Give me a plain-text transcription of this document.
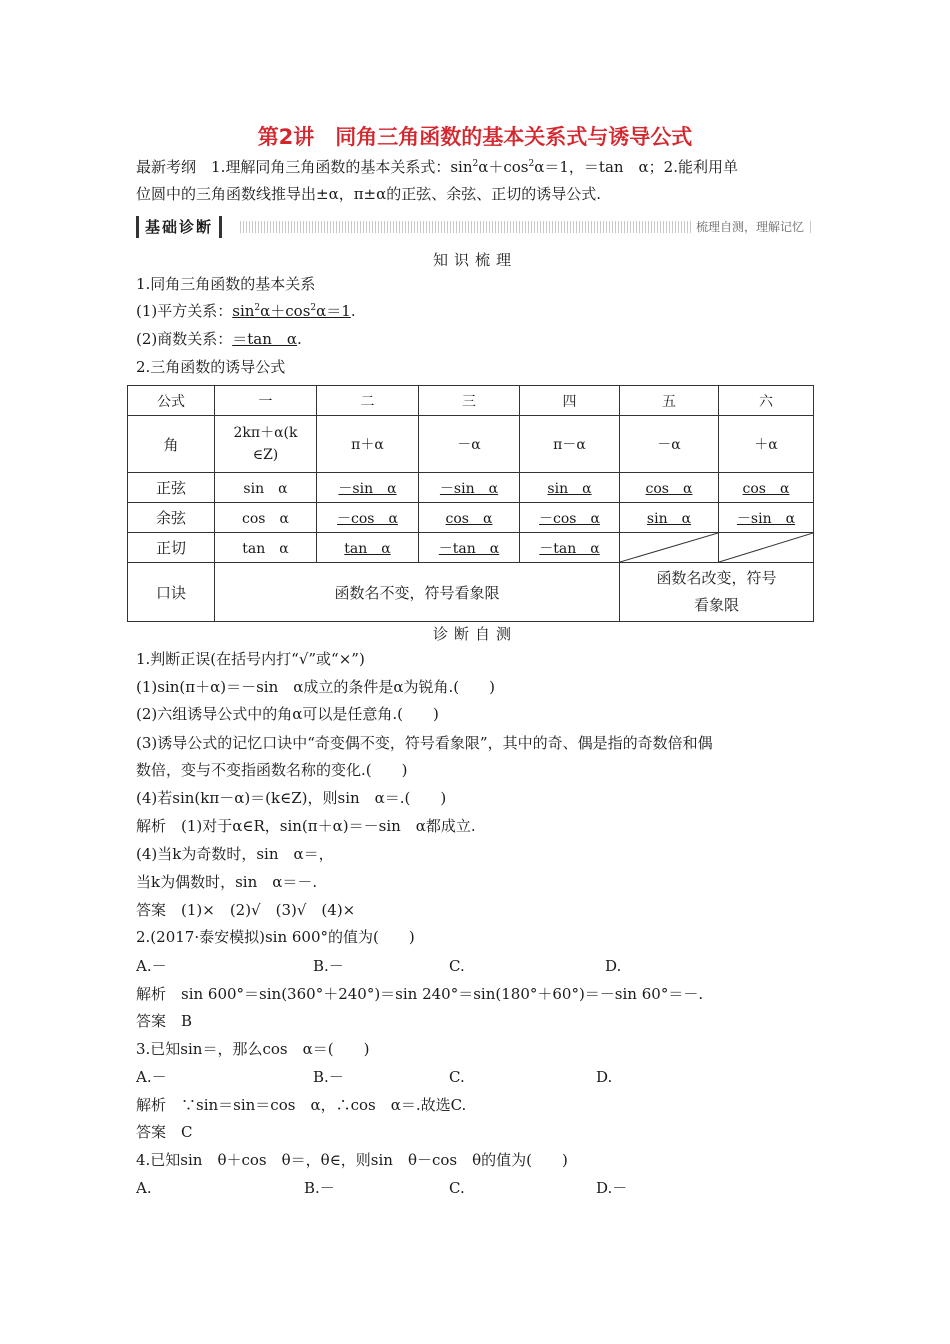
第2讲　同角三角函数的基本关系式与诱导公式
最新考纲　 1.理解同角三角函数的基本关系式：$\sin^2\alpha+\cos^2\alpha=1$，＝tan　α；2.能利用单
位圆中的三角函数线推导出±α，π±α的正弦、余弦、正切的诱导公式.
基础诊断	梳理自测，理解记忆
知识梳理
1.同角三角函数的基本关系
(1)平方关系：$\sin^2\alpha+\cos^2\alpha=1$.
(2)商数关系：＝tan　α.
2.三角函数的诱导公式
公式	一	二	三	四	五	六
角	2kπ＋α(k∈Z)	π＋α	－α	π－α	－α	＋α
正弦	sin　α	－sin　α	－sin　α	sin　α	cos　α	cos　α
余弦	cos　α	－cos　α	cos　α	－cos　α	sin　α	－sin　α
正切	tan　α	tan　α	－tan　α	－tan　α	

口诀	函数名不变，符号看象限				函数名改变，符号看象限	
诊断自测
1.判断正误(在括号内打“√”或“×”)
(1)sin(π＋α)＝－sin　α成立的条件是α为锐角.(　　)
(2)六组诱导公式中的角α可以是任意角.(　　)
(3)诱导公式的记忆口诀中“奇变偶不变，符号看象限”，其中的奇、偶是指的奇数倍和偶
数倍，变与不变指函数名称的变化.(　　)
(4)若sin(kπ－α)＝(k∈Z)，则sin　α＝.(　　)
解析　(1)对于α∈R，sin(π＋α)＝－sin　α都成立.
(4)当k为奇数时，sin　α＝，
当k为偶数时，sin　α＝－.
答案　(1)×　(2)√　(3)√　(4)×
2.(2017·泰安模拟)sin 600°的值为(　　)
A.－	B.－	C.	D.
解析　sin 600°＝sin(360°＋240°)＝sin 240°＝sin(180°＋60°)＝－sin 60°＝－.
答案　B
3.已知sin＝，那么cos　α＝(　　)
A.－	B.－	C.	D.
解析　∵sin＝sin＝cos　α，∴cos　α＝.故选C.
答案　C
4.已知sin　θ＋cos　θ＝，θ∈，则sin　θ－cos　θ的值为(　　)
A.	B.－	C.	D.－
